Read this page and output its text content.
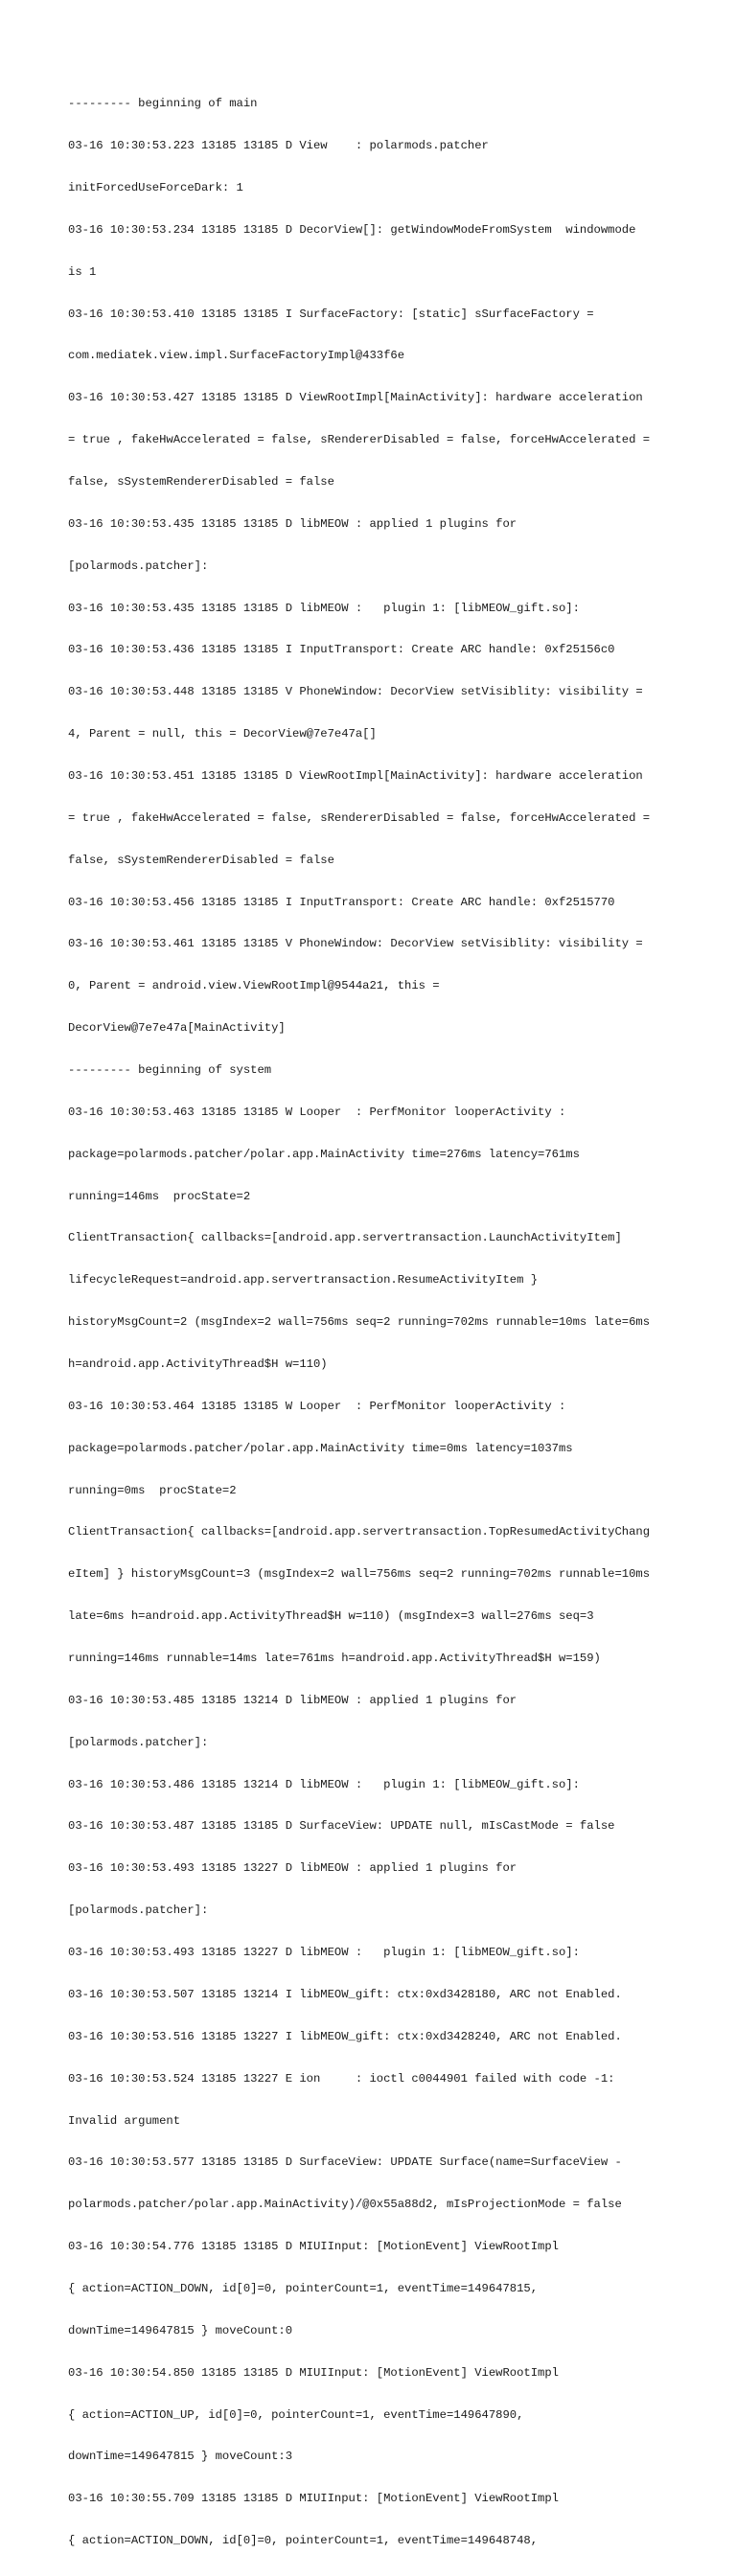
--------- beginning of main

03-16 10:30:53.223 13185 13185 D View    : polarmods.patcher

initForcedUseForceDark: 1

03-16 10:30:53.234 13185 13185 D DecorView[]: getWindowModeFromSystem  windowmode

is 1

03-16 10:30:53.410 13185 13185 I SurfaceFactory: [static] sSurfaceFactory =

com.mediatek.view.impl.SurfaceFactoryImpl@433f6e

03-16 10:30:53.427 13185 13185 D ViewRootImpl[MainActivity]: hardware acceleration

= true , fakeHwAccelerated = false, sRendererDisabled = false, forceHwAccelerated =

false, sSystemRendererDisabled = false

03-16 10:30:53.435 13185 13185 D libMEOW : applied 1 plugins for

[polarmods.patcher]:

03-16 10:30:53.435 13185 13185 D libMEOW :   plugin 1: [libMEOW_gift.so]:

03-16 10:30:53.436 13185 13185 I InputTransport: Create ARC handle: 0xf25156c0

03-16 10:30:53.448 13185 13185 V PhoneWindow: DecorView setVisiblity: visibility =

4, Parent = null, this = DecorView@7e7e47a[]

03-16 10:30:53.451 13185 13185 D ViewRootImpl[MainActivity]: hardware acceleration

= true , fakeHwAccelerated = false, sRendererDisabled = false, forceHwAccelerated =

false, sSystemRendererDisabled = false

03-16 10:30:53.456 13185 13185 I InputTransport: Create ARC handle: 0xf2515770

03-16 10:30:53.461 13185 13185 V PhoneWindow: DecorView setVisiblity: visibility =

0, Parent = android.view.ViewRootImpl@9544a21, this =

DecorView@7e7e47a[MainActivity]

--------- beginning of system

03-16 10:30:53.463 13185 13185 W Looper  : PerfMonitor looperActivity :

package=polarmods.patcher/polar.app.MainActivity time=276ms latency=761ms

running=146ms  procState=2

ClientTransaction{ callbacks=[android.app.servertransaction.LaunchActivityItem]

lifecycleRequest=android.app.servertransaction.ResumeActivityItem }

historyMsgCount=2 (msgIndex=2 wall=756ms seq=2 running=702ms runnable=10ms late=6ms

h=android.app.ActivityThread$H w=110)

03-16 10:30:53.464 13185 13185 W Looper  : PerfMonitor looperActivity :

package=polarmods.patcher/polar.app.MainActivity time=0ms latency=1037ms

running=0ms  procState=2

ClientTransaction{ callbacks=[android.app.servertransaction.TopResumedActivityChang

eItem] } historyMsgCount=3 (msgIndex=2 wall=756ms seq=2 running=702ms runnable=10ms

late=6ms h=android.app.ActivityThread$H w=110) (msgIndex=3 wall=276ms seq=3

running=146ms runnable=14ms late=761ms h=android.app.ActivityThread$H w=159)

03-16 10:30:53.485 13185 13214 D libMEOW : applied 1 plugins for

[polarmods.patcher]:

03-16 10:30:53.486 13185 13214 D libMEOW :   plugin 1: [libMEOW_gift.so]:

03-16 10:30:53.487 13185 13185 D SurfaceView: UPDATE null, mIsCastMode = false

03-16 10:30:53.493 13185 13227 D libMEOW : applied 1 plugins for

[polarmods.patcher]:

03-16 10:30:53.493 13185 13227 D libMEOW :   plugin 1: [libMEOW_gift.so]:

03-16 10:30:53.507 13185 13214 I libMEOW_gift: ctx:0xd3428180, ARC not Enabled.

03-16 10:30:53.516 13185 13227 I libMEOW_gift: ctx:0xd3428240, ARC not Enabled.

03-16 10:30:53.524 13185 13227 E ion     : ioctl c0044901 failed with code -1:

Invalid argument

03-16 10:30:53.577 13185 13185 D SurfaceView: UPDATE Surface(name=SurfaceView -

polarmods.patcher/polar.app.MainActivity)/@0x55a88d2, mIsProjectionMode = false

03-16 10:30:54.776 13185 13185 D MIUIInput: [MotionEvent] ViewRootImpl

{ action=ACTION_DOWN, id[0]=0, pointerCount=1, eventTime=149647815,

downTime=149647815 } moveCount:0

03-16 10:30:54.850 13185 13185 D MIUIInput: [MotionEvent] ViewRootImpl

{ action=ACTION_UP, id[0]=0, pointerCount=1, eventTime=149647890,

downTime=149647815 } moveCount:3

03-16 10:30:55.709 13185 13185 D MIUIInput: [MotionEvent] ViewRootImpl

{ action=ACTION_DOWN, id[0]=0, pointerCount=1, eventTime=149648748,
